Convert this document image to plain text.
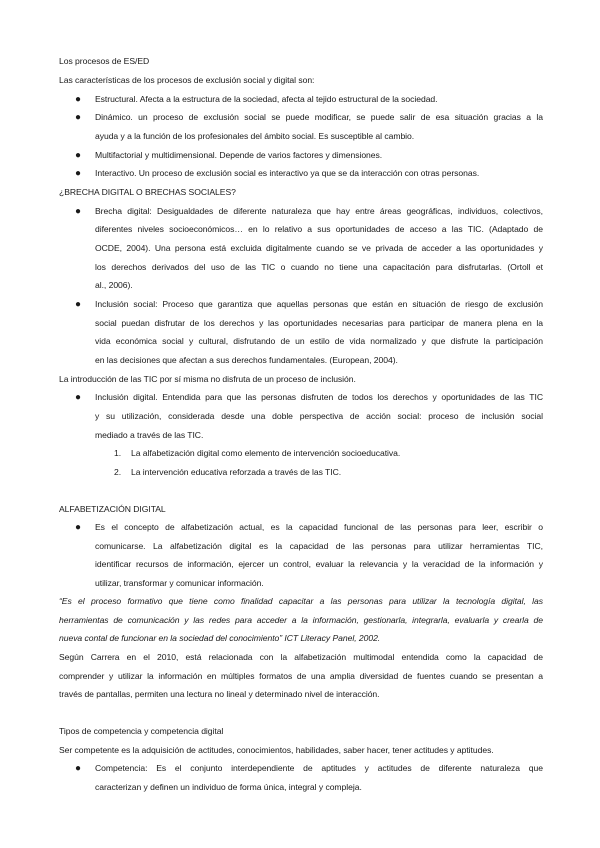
Los procesos de ES/ED
Las características de los procesos de exclusión social y digital son:
● Estructural. Afecta a la estructura de la sociedad, afecta al tejido estructural de la sociedad.
● Dinámico. un proceso de exclusión social se puede modificar, se puede salir de esa situación gracias a la
ayuda y a la función de los profesionales del ámbito social. Es susceptible al cambio.
● Multifactorial y multidimensional. Depende de varios factores y dimensiones.
● Interactivo. Un proceso de exclusión social es interactivo ya que se da interacción con otras personas.
¿BRECHA DIGITAL O BRECHAS SOCIALES?
● Brecha digital: Desigualdades de diferente naturaleza que hay entre áreas geográficas, individuos, colectivos,
diferentes niveles socioeconómicos… en lo relativo a sus oportunidades de acceso a las TIC. (Adaptado de
OCDE, 2004). Una persona está excluida digitalmente cuando se ve privada de acceder a las oportunidades y
los derechos derivados del uso de las TIC o cuando no tiene una capacitación para disfrutarlas. (Ortoll et
al., 2006).
● Inclusión social: Proceso que garantiza que aquellas personas que están en situación de riesgo de exclusión
social puedan disfrutar de los derechos y las oportunidades necesarias para participar de manera plena en la
vida económica social y cultural, disfrutando de un estilo de vida normalizado y que disfrute la participación
en las decisiones que afectan a sus derechos fundamentales. (European, 2004).
La introducción de las TIC por sí misma no disfruta de un proceso de inclusión.
● Inclusión digital. Entendida para que las personas disfruten de todos los derechos y oportunidades de las TIC
y su utilización, considerada desde una doble perspectiva de acción social: proceso de inclusión social
mediado a través de las TIC.
1. La alfabetización digital como elemento de intervención socioeducativa.
2. La intervención educativa reforzada a través de las TIC.
ALFABETIZACIÓN DIGITAL
● Es el concepto de alfabetización actual, es la capacidad funcional de las personas para leer, escribir o
comunicarse. La alfabetización digital es la capacidad de las personas para utilizar herramientas TIC,
identificar recursos de información, ejercer un control, evaluar la relevancia y la veracidad de la información y
utilizar, transformar y comunicar información.
“Es el proceso formativo que tiene como finalidad capacitar a las personas para utilizar la tecnología digital, las
herramientas de comunicación y las redes para acceder a la información, gestionarla, integrarla, evaluarla y crearla de
nueva contal de funcionar en la sociedad del conocimiento” ICT Literacy Panel, 2002.
Según Carrera en el 2010, está relacionada con la alfabetización multimodal entendida como la capacidad de
comprender y utilizar la información en múltiples formatos de una amplia diversidad de fuentes cuando se presentan a
través de pantallas, permiten una lectura no lineal y determinado nivel de interacción.
Tipos de competencia y competencia digital
Ser competente es la adquisición de actitudes, conocimientos, habilidades, saber hacer, tener actitudes y aptitudes.
● Competencia: Es el conjunto interdependiente de aptitudes y actitudes de diferente naturaleza que
caracterizan y definen un individuo de forma única, integral y compleja.
